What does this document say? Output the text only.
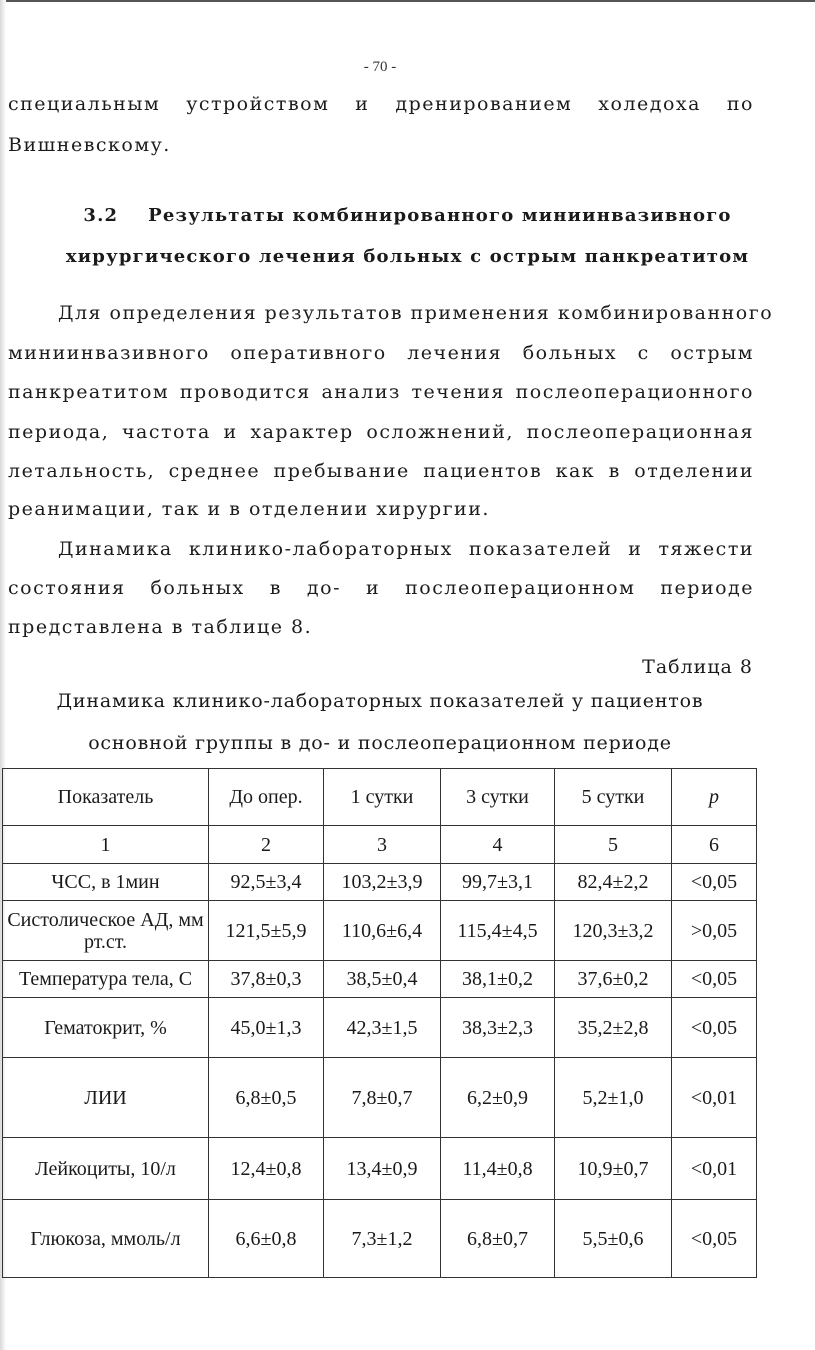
- 70 -
специальным устройством и дренированием холедоха по
Вишневскому.
3.2    Результаты комбинированного миниинвазивного
хирургического лечения больных с острым панкреатитом
Для определения результатов применения комбинированного
миниинвазивного оперативного лечения больных с острым
панкреатитом проводится анализ течения послеоперационного
периода, частота и характер осложнений, послеоперационная
летальность, среднее пребывание пациентов как в отделении
реанимации, так и в отделении хирургии.
Динамика клинико-лабораторных показателей и тяжести
состояния больных в до- и послеоперационном периоде
представлена в таблице 8.
Таблица 8
Динамика клинико-лабораторных показателей у пациентов
основной группы в до- и послеоперационном периоде
Показатель	До опер.	1 сутки	3 сутки	5 сутки	p
1	2	3	4	5	6
ЧСС, в 1мин	92,5±3,4	103,2±3,9	99,7±3,1	82,4±2,2	<0,05
Систолическое АД, мм рт.ст.	121,5±5,9	110,6±6,4	115,4±4,5	120,3±3,2	>0,05
Температура тела, С	37,8±0,3	38,5±0,4	38,1±0,2	37,6±0,2	<0,05
Гематокрит, %	45,0±1,3	42,3±1,5	38,3±2,3	35,2±2,8	<0,05
ЛИИ	6,8±0,5	7,8±0,7	6,2±0,9	5,2±1,0	<0,01
Лейкоциты, 10/л	12,4±0,8	13,4±0,9	11,4±0,8	10,9±0,7	<0,01
Глюкоза, ммоль/л	6,6±0,8	7,3±1,2	6,8±0,7	5,5±0,6	<0,05
